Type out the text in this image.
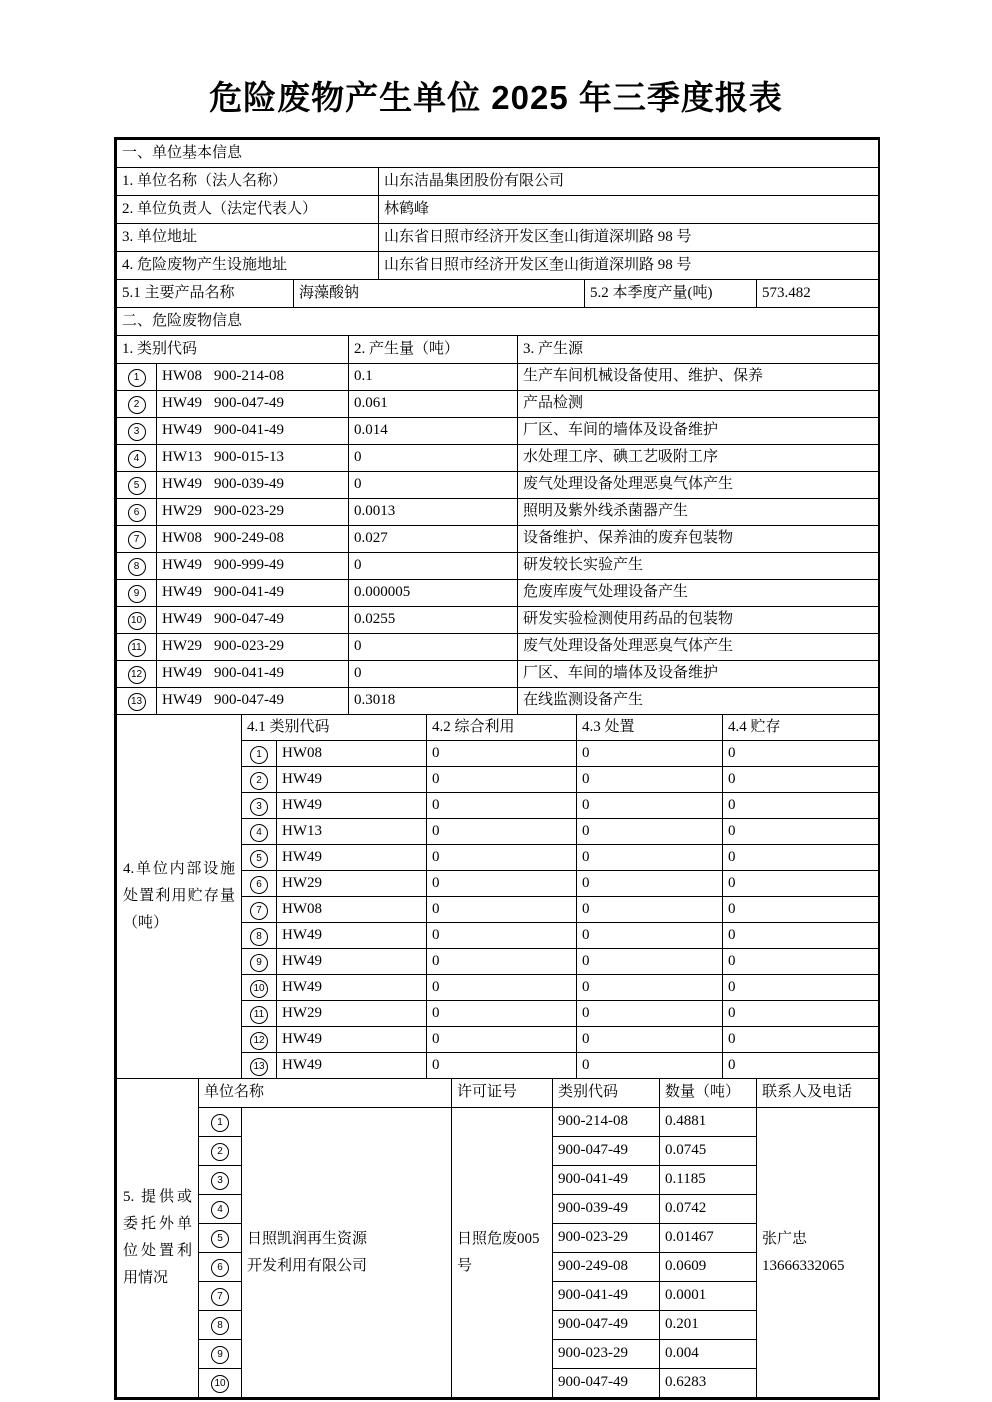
危险废物产生单位 2025 年三季度报表
一、单位基本信息	
1. 单位名称（法人名称）	山东洁晶集团股份有限公司
2. 单位负责人（法定代表人）	林鹤峰
3. 单位地址	山东省日照市经济开发区奎山街道深圳路 98 号
4. 危险废物产生设施地址	山东省日照市经济开发区奎山街道深圳路 98 号
5.1 主要产品名称	海藻酸钠	5.2 本季度产量(吨)	573.482
二、危险废物信息			
1. 类别代码		2. 产生量（吨）	3. 产生源
1	HW08 900-214-08	0.1	生产车间机械设备使用、维护、保养
2	HW49 900-047-49	0.061	产品检测
3	HW49 900-041-49	0.014	厂区、车间的墙体及设备维护
4	HW13 900-015-13	0	水处理工序、碘工艺吸附工序
5	HW49 900-039-49	0	废气处理设备处理恶臭气体产生
6	HW29 900-023-29	0.0013	照明及紫外线杀菌器产生
7	HW08 900-249-08	0.027	设备维护、保养油的废弃包装物
8	HW49 900-999-49	0	研发较长实验产生
9	HW49 900-041-49	0.000005	危废库废气处理设备产生
10	HW49 900-047-49	0.0255	研发实验检测使用药品的包装物
11	HW29 900-023-29	0	废气处理设备处理恶臭气体产生
12	HW49 900-041-49	0	厂区、车间的墙体及设备维护
13	HW49 900-047-49	0.3018	在线监测设备产生
4.单位内部设施处置利用贮存量（吨）	4.1 类别代码		4.2 综合利用	4.3 处置	4.4 贮存
	1	HW08	0	0	0
	2	HW49	0	0	0
	3	HW49	0	0	0
	4	HW13	0	0	0
	5	HW49	0	0	0
	6	HW29	0	0	0
	7	HW08	0	0	0
	8	HW49	0	0	0
	9	HW49	0	0	0
	10	HW49	0	0	0
	11	HW29	0	0	0
	12	HW49	0	0	0
	13	HW49	0	0	0
5. 提供或委托外单位处置利用情况	单位名称		许可证号	类别代码	数量（吨）	联系人及电话
	1	日照凯润再生资源开发利用有限公司	日照危废005 号	900-214-08	0.4881	张广忠
13666332065

	2			900-047-49	0.0745	
	3			900-041-49	0.1185	
	4			900-039-49	0.0742	
	5			900-023-29	0.01467	
	6			900-249-08	0.0609	
	7			900-041-49	0.0001	
	8			900-047-49	0.201	
	9			900-023-29	0.004	
	10			900-047-49	0.6283	
